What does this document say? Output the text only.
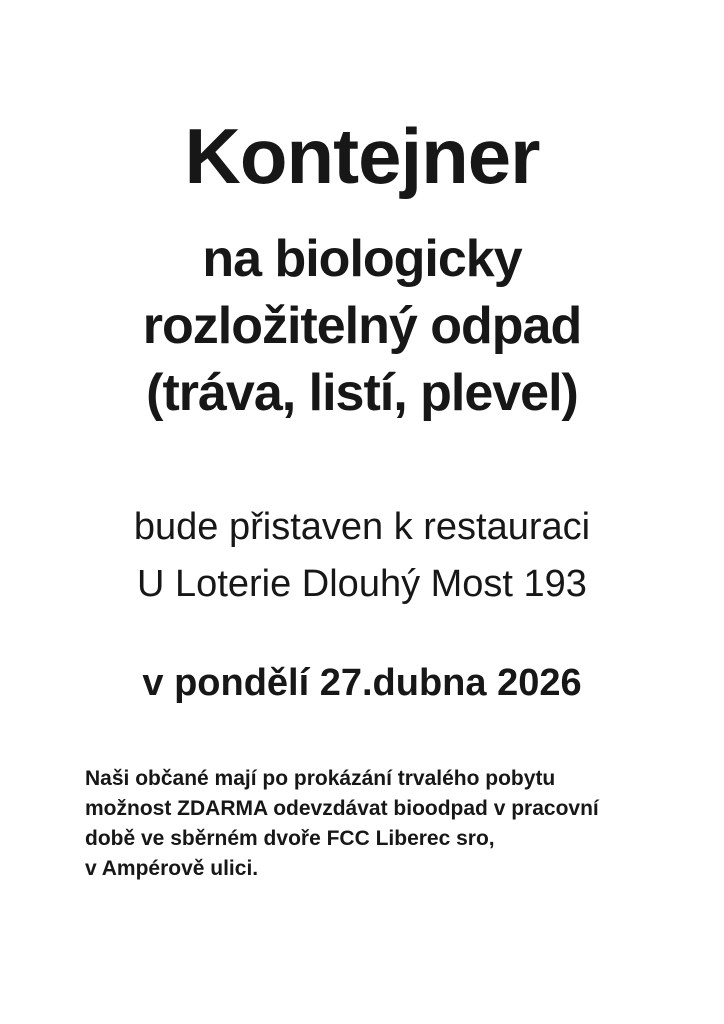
Kontejner
na biologicky
rozložitelný odpad
(tráva, listí, plevel)
bude přistaven k restauraci
U Loterie Dlouhý Most 193
v pondělí 27.dubna 2026
Naši občané mají po prokázání trvalého pobytu
možnost ZDARMA odevzdávat bioodpad v pracovní
době ve sběrném dvoře FCC Liberec sro,
v Ampérově ulici.
